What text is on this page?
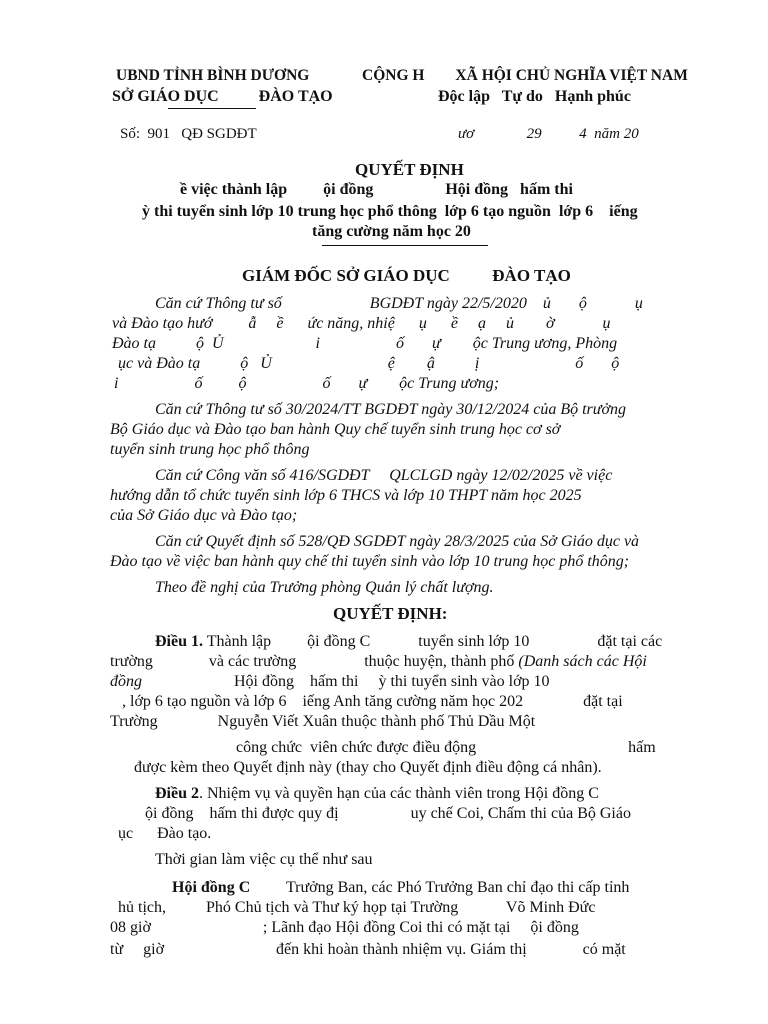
UBND TỈNH BÌNH DƯƠNG
SỞ GIÁO DỤC          ĐÀO TẠO
CỘNG H        XÃ HỘI CHỦ NGHĨA VIỆT NAM
Độc lập   Tự do   Hạnh phúc
Số:  901   QĐ SGDĐT	ươ              29          4  năm 20
QUYẾT ĐỊNH
ề việc thành lập         ội đồng                  Hội đồng   hấm thi
ỳ thi tuyển sinh lớp 10 trung học phổ thông  lớp 6 tạo nguồn  lớp 6    iếng
tăng cường năm học 20
GIÁM ĐỐC SỞ GIÁO DỤC          ĐÀO TẠO
Căn cứ Thông tư số                      BGDĐT ngày 22/5/2020    ủ       ộ            ụ
và Đào tạo hướ         ẫ     ề      ức năng, nhiệ      ụ      ề     ạ     ủ        ờ            ụ
Đào tạ          ộ  Ủ                       i                   ố       ự        ộc Trung ương, Phòng
ục và Đào tạ          ộ   Ủ                             ệ        ậ          ị                        ố       ộ
i                   ố         ộ                   ố       ự        ộc Trung ương;
Căn cứ Thông tư số 30/2024/TT BGDĐT ngày 30/12/2024 của Bộ trưởng
Bộ Giáo dục và Đào tạo ban hành Quy chế tuyển sinh trung học cơ sở
tuyển sinh trung học phổ thông
Căn cứ Công văn số 416/SGDĐT     QLCLGD ngày 12/02/2025 về việc
hướng dẫn tổ chức tuyển sinh lớp 6 THCS và lớp 10 THPT năm học 2025
của Sở Giáo dục và Đào tạo;
Căn cứ Quyết định số 528/QĐ SGDĐT ngày 28/3/2025 của Sở Giáo dục và
Đào tạo về việc ban hành quy chế thi tuyển sinh vào lớp 10 trung học phổ thông;
Theo đề nghị của Trưởng phòng Quản lý chất lượng.
QUYẾT ĐỊNH:
Điều 1. Thành lập         ội đồng C            tuyển sinh lớp 10                 đặt tại các
trường              và các trường                 thuộc huyện, thành phố (Danh sách các Hội
đồng                       Hội đồng    hấm thi     ỳ thi tuyển sinh vào lớp 10
, lớp 6 tạo nguồn và lớp 6    iếng Anh tăng cường năm học 202               đặt tại
Trường               Nguyễn Viết Xuân thuộc thành phố Thủ Dầu Một
công chức  viên chức được điều động                                      hấm
được kèm theo Quyết định này (thay cho Quyết định điều động cá nhân).
Điều 2. Nhiệm vụ và quyền hạn của các thành viên trong Hội đồng C
ội đồng    hấm thi được quy đị                  uy chế Coi, Chấm thi của Bộ Giáo
ục      Đào tạo.
Thời gian làm việc cụ thể như sau
Hội đồng C         Trưởng Ban, các Phó Trưởng Ban chỉ đạo thi cấp tỉnh
hủ tịch,          Phó Chủ tịch và Thư ký họp tại Trường            Võ Minh Đức
08 giờ                            ; Lãnh đạo Hội đồng Coi thi có mặt tại     ội đồng
từ     giờ                            đến khi hoàn thành nhiệm vụ. Giám thị              có mặt
